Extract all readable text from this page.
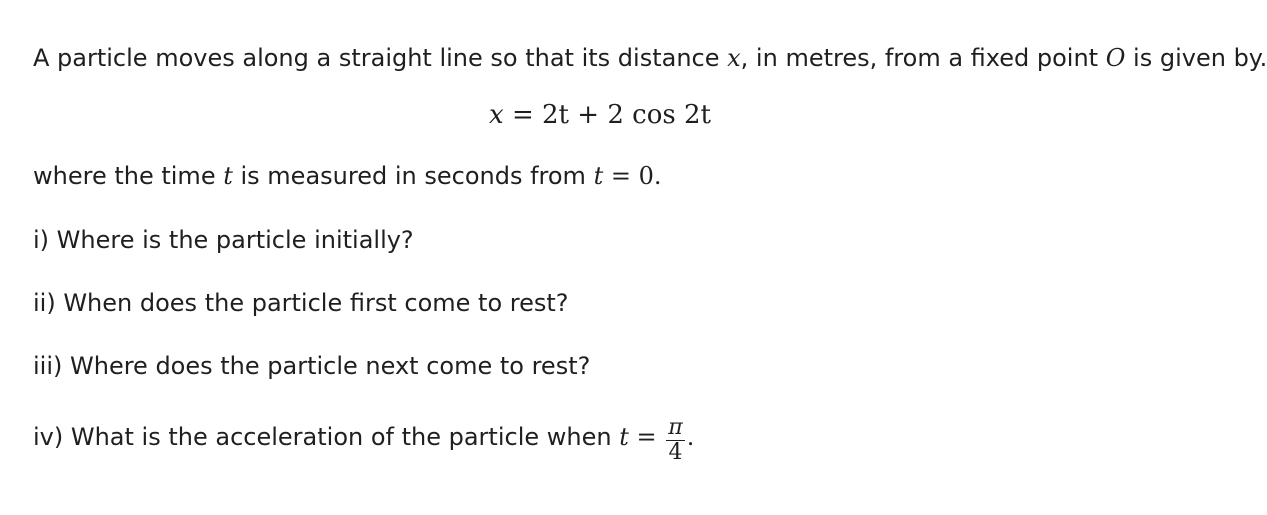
A particle moves along a straight line so that its distance x, in metres, from a fixed point O is given by.
x = 2t + 2 cos 2t
where the time t is measured in seconds from t = 0.
i) Where is the particle initially?
ii) When does the particle first come to rest?
iii) Where does the particle next come to rest?
iv) What is the acceleration of the particle when $t = \frac{\pi}{4}$ .
